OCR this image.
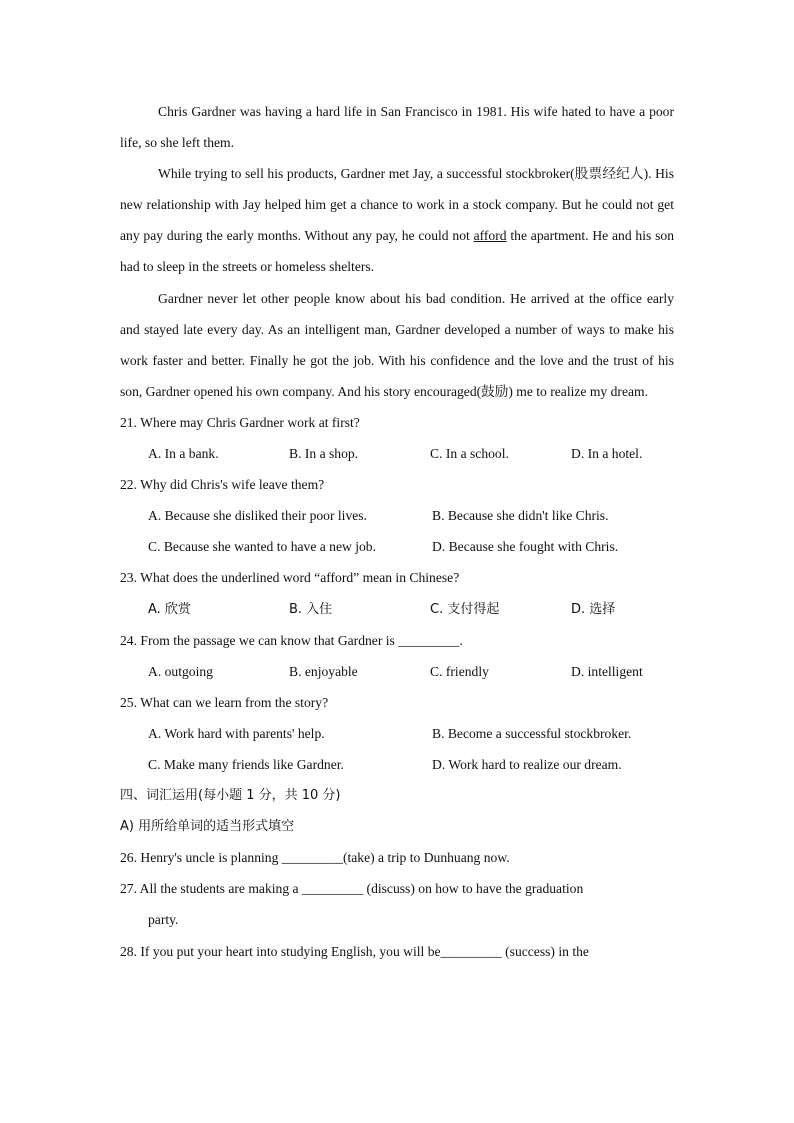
Chris Gardner was having a hard life in San Francisco in 1981. His wife hated to have a poor life, so she left them.

While trying to sell his products, Gardner met Jay, a successful stockbroker(股票经纪人). His new relationship with Jay helped him get a chance to work in a stock company. But he could not get any pay during the early months. Without any pay, he could not afford the apartment. He and his son had to sleep in the streets or homeless shelters.

Gardner never let other people know about his bad condition. He arrived at the office early and stayed late every day. As an intelligent man, Gardner developed a number of ways to make his work faster and better. Finally he got the job. With his confidence and the love and the trust of his son, Gardner opened his own company. And his story encouraged(鼓励) me to realize my dream.

21. Where may Chris Gardner work at first?

A. In a bank.	B. In a shop.	C. In a school.	D. In a hotel.

22. Why did Chris's wife leave them?

A. Because she disliked their poor lives.	B. Because she didn't like Chris.
C. Because she wanted to have a new job.	D. Because she fought with Chris.

23. What does the underlined word “afford” mean in Chinese?

A. 欣赏	B. 入住	C. 支付得起	D. 选择

24. From the passage we can know that Gardner is _________.

A. outgoing	B. enjoyable	C. friendly	D. intelligent

25. What can we learn from the story?

A. Work hard with parents' help.	B. Become a successful stockbroker.
C. Make many friends like Gardner.	D. Work hard to realize our dream.

四、词汇运用(每小题 1 分，共 10 分)

A) 用所给单词的适当形式填空

26. Henry's uncle is planning _________(take) a trip to Dunhuang now.

27. All the students are making a _________ (discuss) on how to have the graduation

party.

28. If you put your heart into studying English, you will be_________ (success) in the
